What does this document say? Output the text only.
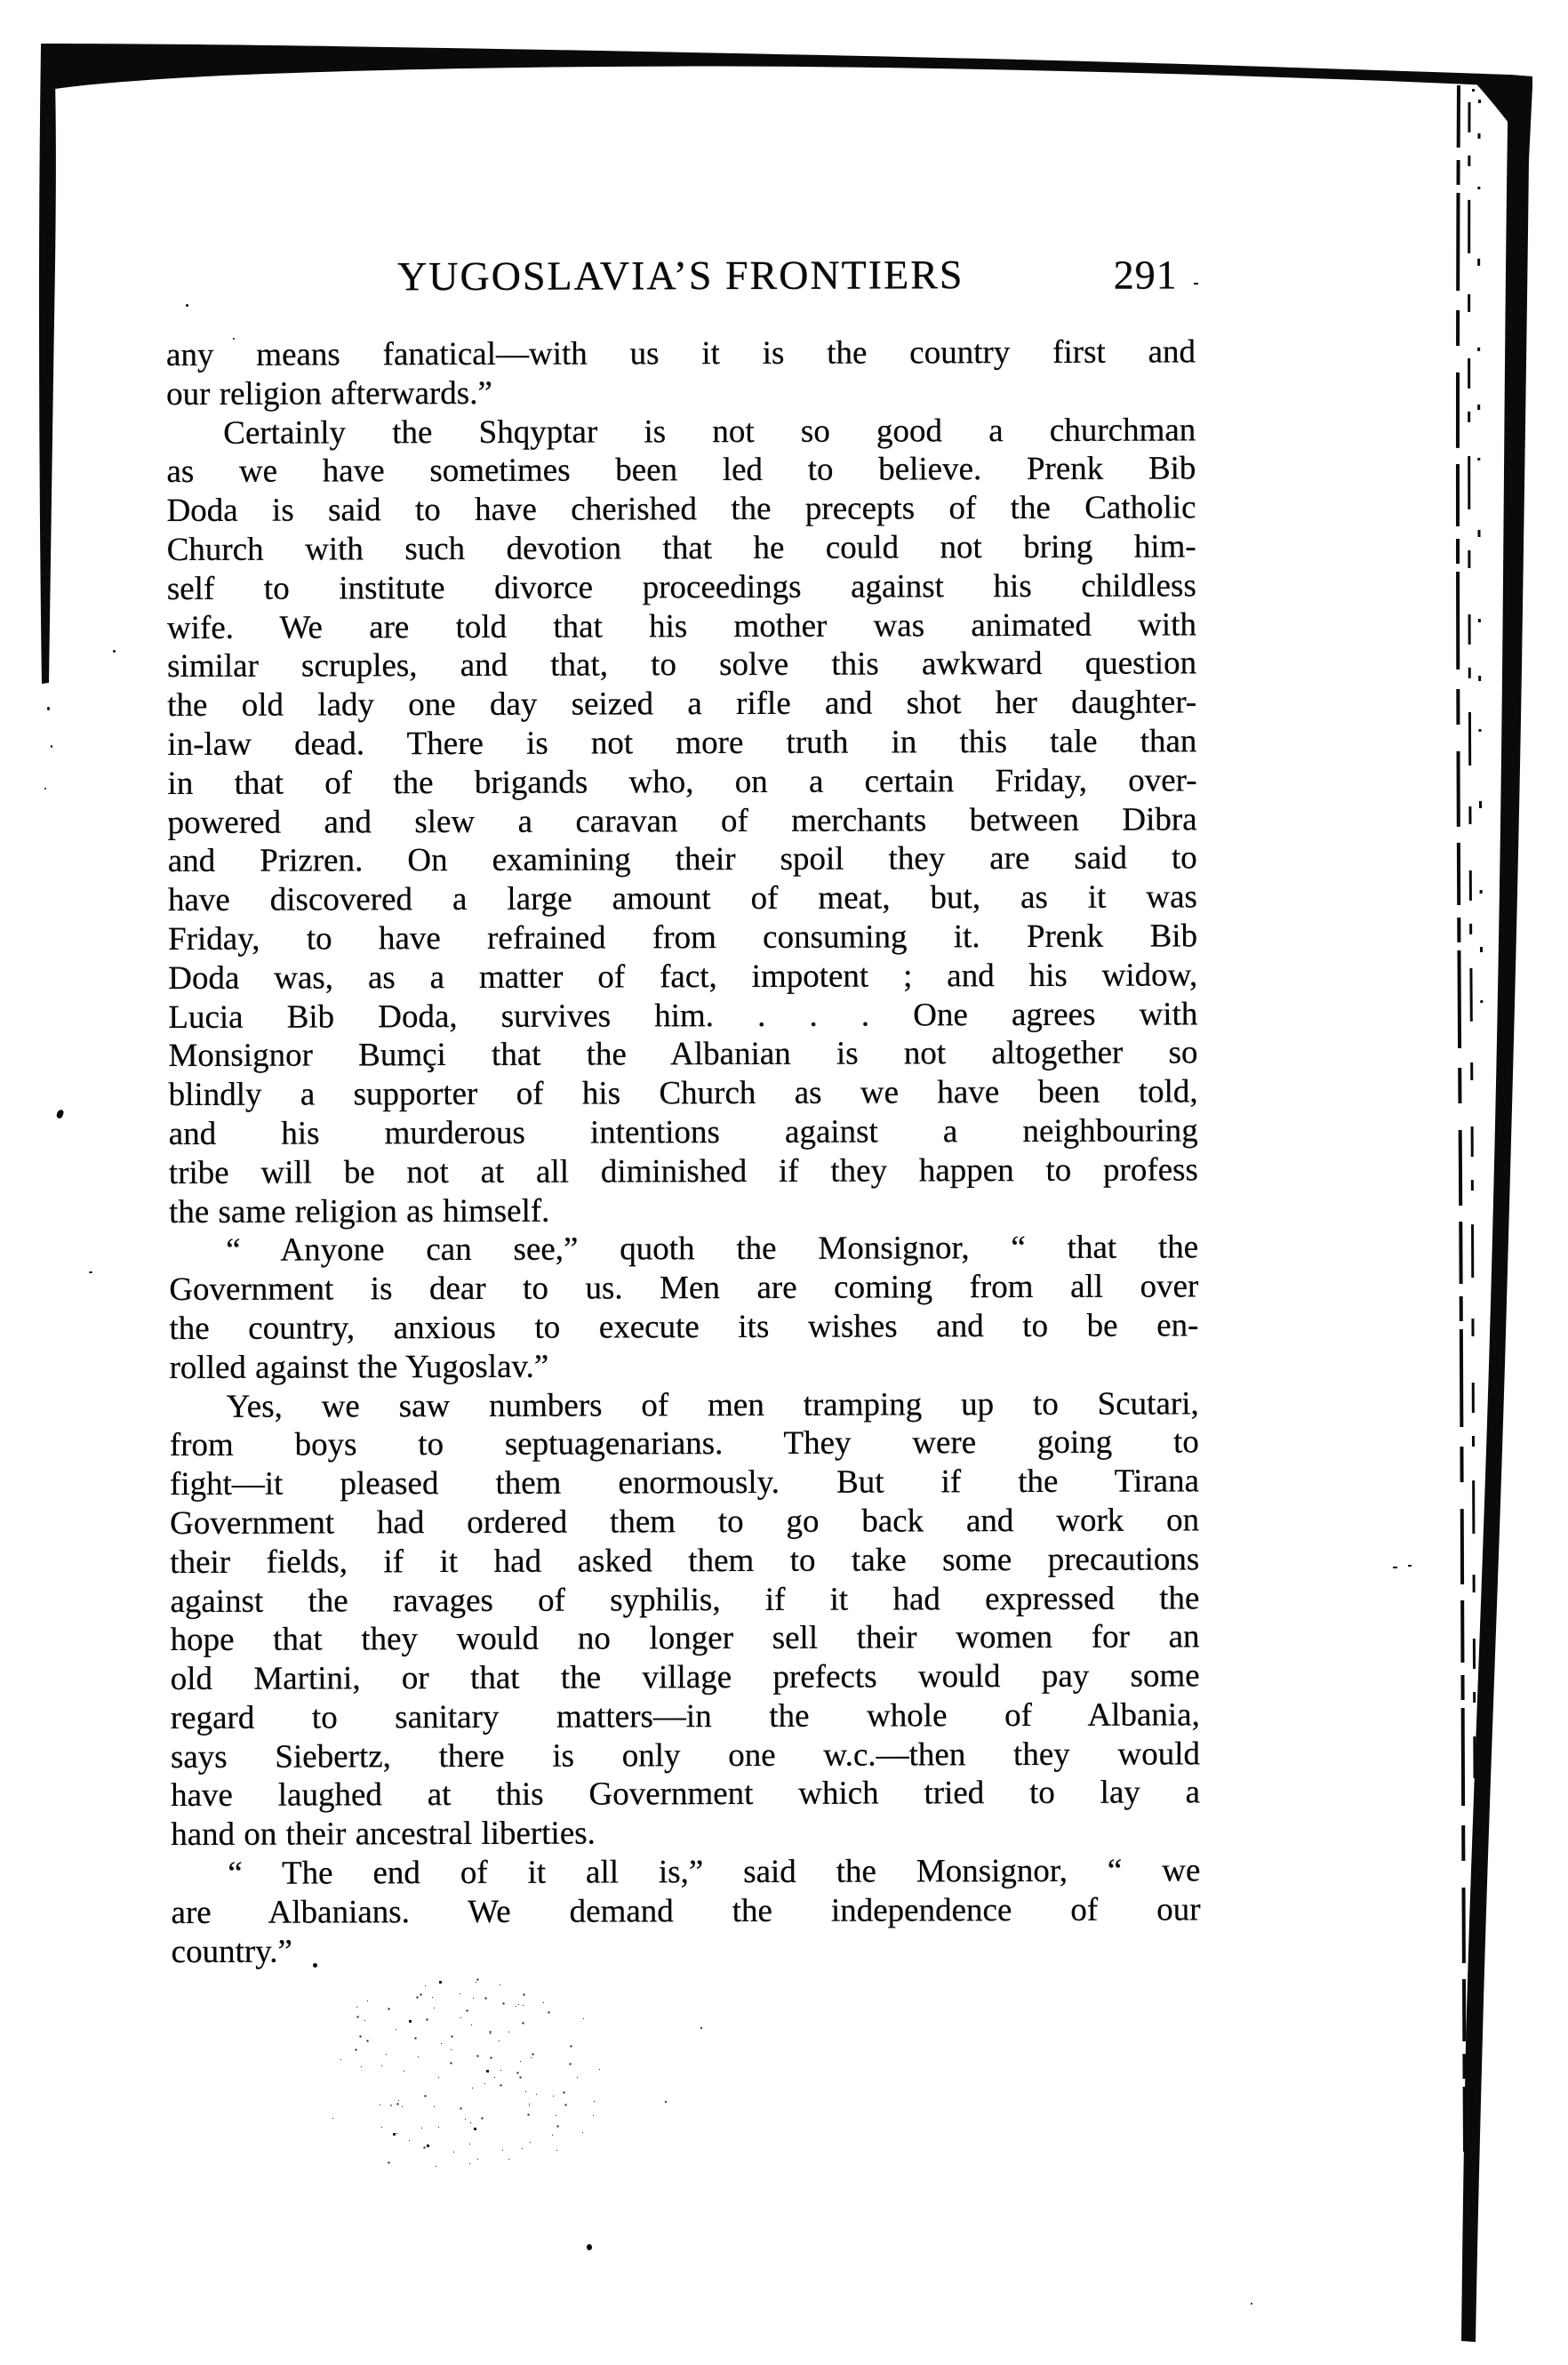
YUGOSLAVIA’S FRONTIERS	291
any means fanatical—with us it is the country first and
our religion afterwards.”
Certainly the Shqyptar is not so good a churchman
as we have sometimes been led to believe. Prenk Bib
Doda is said to have cherished the precepts of the Catholic
Church with such devotion that he could not bring him-
self to institute divorce proceedings against his childless
wife. We are told that his mother was animated with
similar scruples, and that, to solve this awkward question
the old lady one day seized a rifle and shot her daughter-
in-law dead. There is not more truth in this tale than
in that of the brigands who, on a certain Friday, over-
powered and slew a caravan of merchants between Dibra
and Prizren. On examining their spoil they are said to
have discovered a large amount of meat, but, as it was
Friday, to have refrained from consuming it. Prenk Bib
Doda was, as a matter of fact, impotent ; and his widow,
Lucia Bib Doda, survives him. . . . One agrees with
Monsignor Bumçi that the Albanian is not altogether so
blindly a supporter of his Church as we have been told,
and his murderous intentions against a neighbouring
tribe will be not at all diminished if they happen to profess
the same religion as himself.
“ Anyone can see,” quoth the Monsignor, “ that the
Government is dear to us. Men are coming from all over
the country, anxious to execute its wishes and to be en-
rolled against the Yugoslav.”
Yes, we saw numbers of men tramping up to Scutari,
from boys to septuagenarians. They were going to
fight—it pleased them enormously. But if the Tirana
Government had ordered them to go back and work on
their fields, if it had asked them to take some precautions
against the ravages of syphilis, if it had expressed the
hope that they would no longer sell their women for an
old Martini, or that the village prefects would pay some
regard to sanitary matters—in the whole of Albania,
says Siebertz, there is only one w.c.—then they would
have laughed at this Government which tried to lay a
hand on their ancestral liberties.
“ The end of it all is,” said the Monsignor, “ we
are Albanians. We demand the independence of our
country.”
